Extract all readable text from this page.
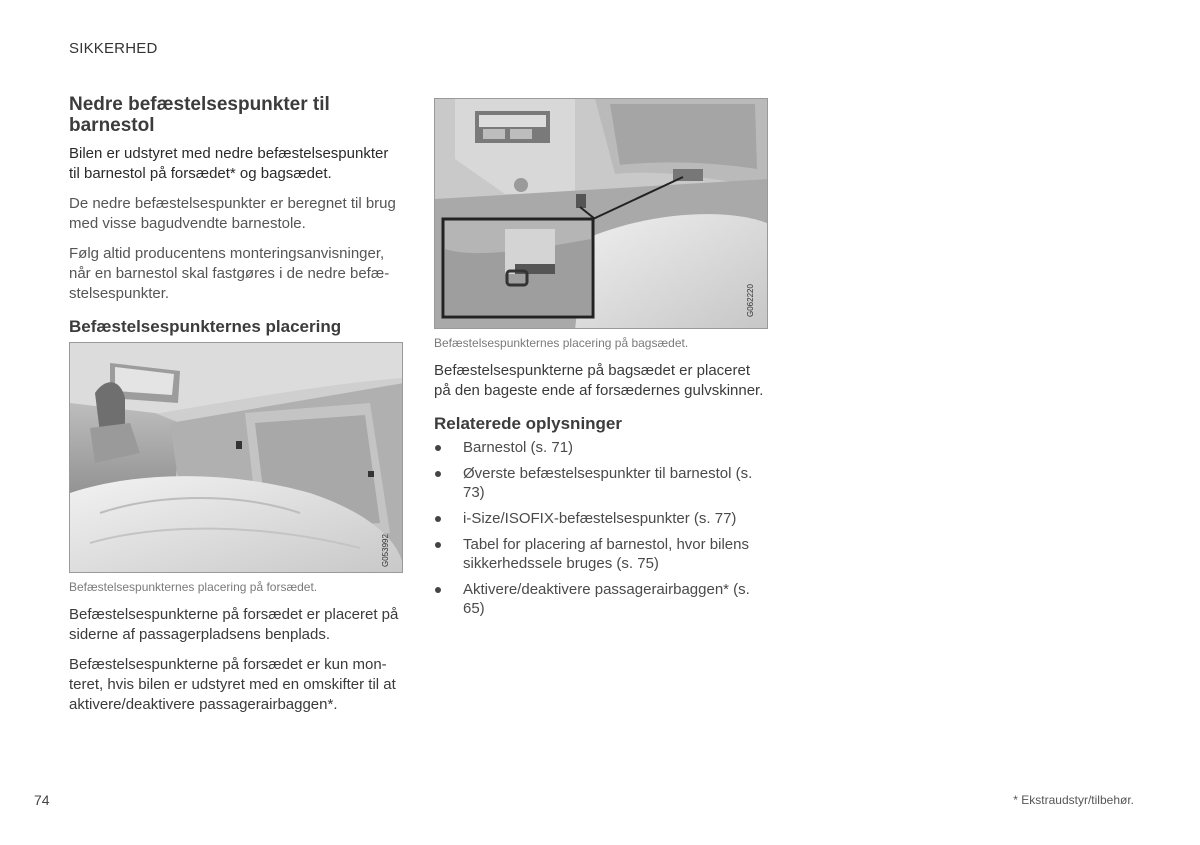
SIKKERHED
Nedre befæstelsespunkter til barnestol

Bilen er udstyret med nedre befæstelsespunkter til barnestol på forsædet* og bagsædet.

De nedre befæstelsespunkter er beregnet til brug med visse bagudvendte barnestole.

Følg altid producentens monteringsanvisninger, når en barnestol skal fastgøres i de nedre befæstelsespunkter.

Befæstelsespunkternes placering
G053992

Befæstelsespunkternes placering på forsædet.

Befæstelsespunkterne på forsædet er placeret på siderne af passagerpladsens benplads.

Befæstelsespunkterne på forsædet er kun monteret, hvis bilen er udstyret med en omskifter til at aktivere/deaktivere passagerairbaggen*.

G062220

Befæstelsespunkternes placering på bagsædet.

Befæstelsespunkterne på bagsædet er placeret på den bageste ende af forsædernes gulvskinner.

Relaterede oplysninger
Barnestol (s. 71)
Øverste befæstelsespunkter til barnestol (s. 73)
i-Size/ISOFIX-befæstelsespunkter (s. 77)
Tabel for placering af barnestol, hvor bilens sikkerhedssele bruges (s. 75)
Aktivere/deaktivere passagerairbaggen* (s. 65)
74	* Ekstraudstyr/tilbehør.
